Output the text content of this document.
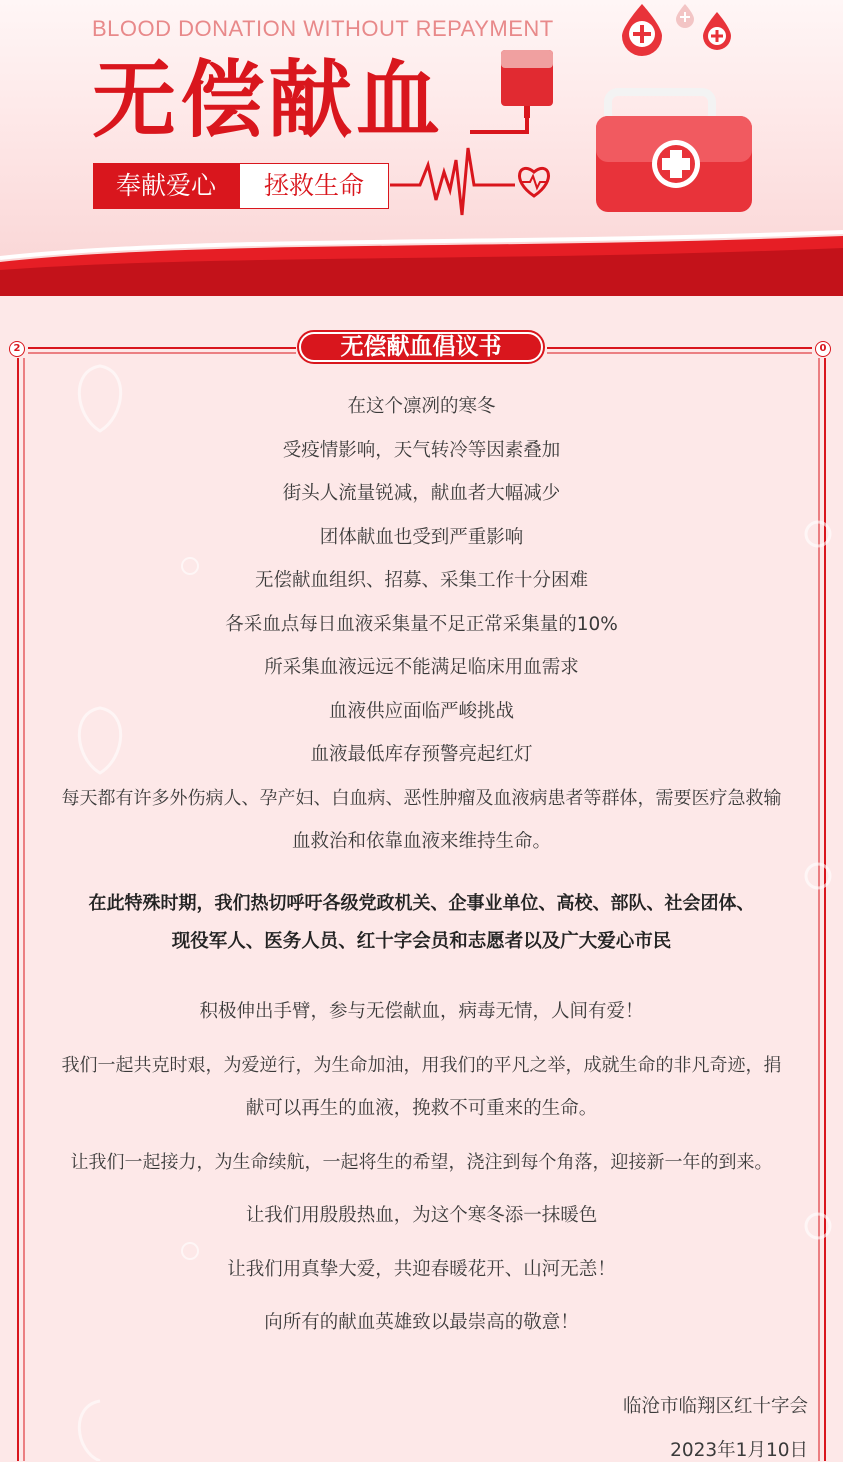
BLOOD DONATION WITHOUT REPAYMENT
无偿献血
奉献爱心	拯救生命
2	0
无偿献血倡议书
在这个凛冽的寒冬
受疫情影响，天气转冷等因素叠加
街头人流量锐减，献血者大幅减少
团体献血也受到严重影响
无偿献血组织、招募、采集工作十分困难
各采血点每日血液采集量不足正常采集量的10%
所采集血液远远不能满足临床用血需求
血液供应面临严峻挑战
血液最低库存预警亮起红灯
每天都有许多外伤病人、孕产妇、白血病、恶性肿瘤及血液病患者等群体，需要医疗急救输
血救治和依靠血液来维持生命。
在此特殊时期，我们热切呼吁各级党政机关、企事业单位、高校、部队、社会团体、
现役军人、医务人员、红十字会员和志愿者以及广大爱心市民
积极伸出手臂，参与无偿献血，病毒无情，人间有爱！
我们一起共克时艰，为爱逆行，为生命加油，用我们的平凡之举，成就生命的非凡奇迹，捐
献可以再生的血液，挽救不可重来的生命。
让我们一起接力，为生命续航，一起将生的希望，浇注到每个角落，迎接新一年的到来。
让我们用殷殷热血，为这个寒冬添一抹暖色
让我们用真挚大爱，共迎春暖花开、山河无恙！
向所有的献血英雄致以最崇高的敬意！
临沧市临翔区红十字会
2023年1月10日
